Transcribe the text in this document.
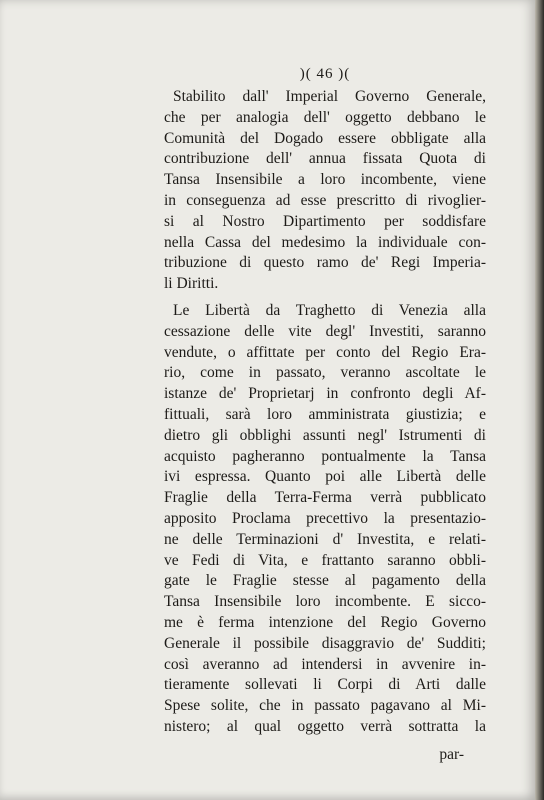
)( 46 )(
Stabilito dall' Imperial Governo Generale,
che per analogia dell' oggetto debbano le
Comunità del Dogado essere obbligate alla
contribuzione dell' annua fissata Quota di
Tansa Insensibile a loro incombente, viene
in conseguenza ad esse prescritto di rivoglier-
si al Nostro Dipartimento per soddisfare
nella Cassa del medesimo la individuale con-
tribuzione di questo ramo de' Regi Imperia-
li Diritti.
Le Libertà da Traghetto di Venezia alla
cessazione delle vite degl' Investiti, saranno
vendute, o affittate per conto del Regio Era-
rio, come in passato, veranno ascoltate le
istanze de' Proprietarj in confronto degli Af-
fittuali, sarà loro amministrata giustizia; e
dietro gli obblighi assunti negl' Istrumenti di
acquisto pagheranno pontualmente la Tansa
ivi espressa. Quanto poi alle Libertà delle
Fraglie della Terra-Ferma verrà pubblicato
apposito Proclama precettivo la presentazio-
ne delle Terminazioni d' Investita, e relati-
ve Fedi di Vita, e frattanto saranno obbli-
gate le Fraglie stesse al pagamento della
Tansa Insensibile loro incombente. E sicco-
me è ferma intenzione del Regio Governo
Generale il possibile disaggravio de' Sudditi;
così averanno ad intendersi in avvenire in-
tieramente sollevati li Corpi di Arti dalle
Spese solite, che in passato pagavano al Mi-
nistero; al qual oggetto verrà sottratta la
par-
